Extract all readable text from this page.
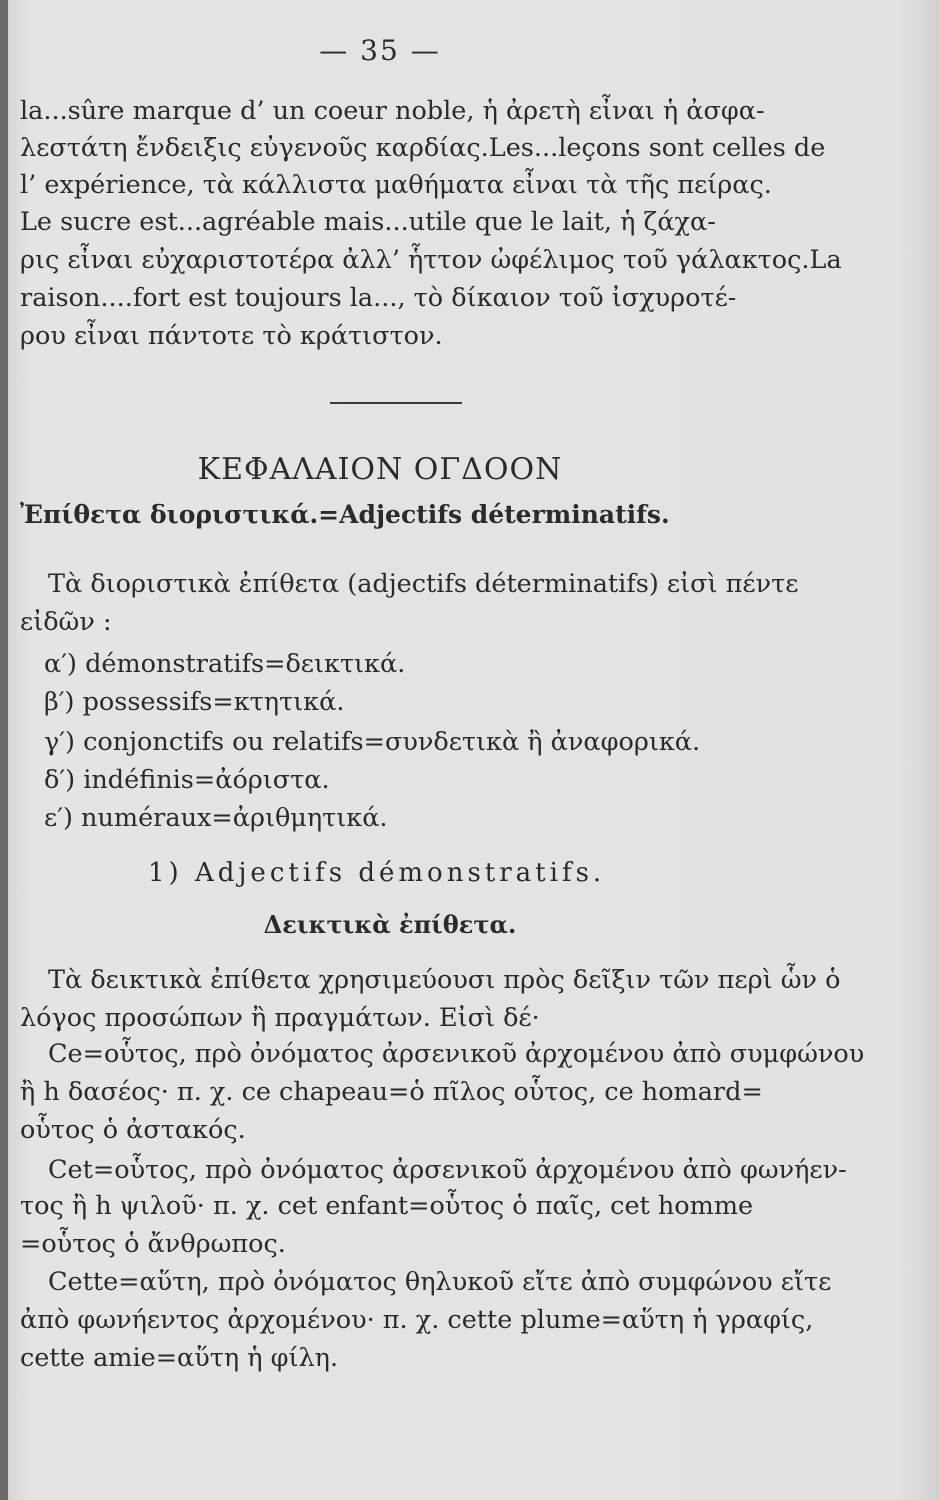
— 35 —
la...sûre marque d’ un coeur noble, ἡ ἀρετὴ εἶναι ἡ ἀσφα-
λεστάτη ἔνδειξις εὐγενοῦς καρδίας.Les...leçons sont celles de
l’ expérience, τὰ κάλλιστα μαθήματα εἶναι τὰ τῆς πείρας.
Le sucre est...agréable mais...utile que le lait, ἡ ζάχα-
ρις εἶναι εὐχαριστοτέρα ἀλλ’ ἧττον ὠφέλιμος τοῦ γάλακτος.La
raison....fort est toujours la..., τὸ δίκαιον τοῦ ἰσχυροτέ-
ρου εἶναι πάντοτε τὸ κράτιστον.
ΚΕΦΑΛΑΙΟΝ ΟΓΔΟΟΝ
Ἐπίθετα διοριστικά.=Adjectifs déterminatifs.
Τὰ διοριστικὰ ἐπίθετα (adjectifs déterminatifs) εἰσὶ πέντε
εἰδῶν :
α′) démonstratifs=δεικτικά.
β′) possessifs=κτητικά.
γ′) conjonctifs ou relatifs=συνδετικὰ ἢ ἀναφορικά.
δ′) indéfinis=ἀόριστα.
ε′) numéraux=ἀριθμητικά.
1) Adjectifs démonstratifs.
Δεικτικὰ ἐπίθετα.
Τὰ δεικτικὰ ἐπίθετα χρησιμεύουσι πρὸς δεῖξιν τῶν περὶ ὧν ὁ
λόγος προσώπων ἢ πραγμάτων. Εἰσὶ δέ·
Ce=οὗτος, πρὸ ὀνόματος ἀρσενικοῦ ἀρχομένου ἀπὸ συμφώνου
ἢ h δασέος· π. χ. ce chapeau=ὁ πῖλος οὗτος, ce homard=
οὗτος ὁ ἀστακός.
Cet=οὗτος, πρὸ ὀνόματος ἀρσενικοῦ ἀρχομένου ἀπὸ φωνήεν-
τος ἢ h ψιλοῦ· π. χ. cet enfant=οὗτος ὁ παῖς, cet homme
=οὗτος ὁ ἄνθρωπος.
Cette=αὕτη, πρὸ ὀνόματος θηλυκοῦ εἴτε ἀπὸ συμφώνου εἴτε
ἀπὸ φωνήεντος ἀρχομένου· π. χ. cette plume=αὕτη ἡ γραφίς,
cette amie=αὕτη ἡ φίλη.
